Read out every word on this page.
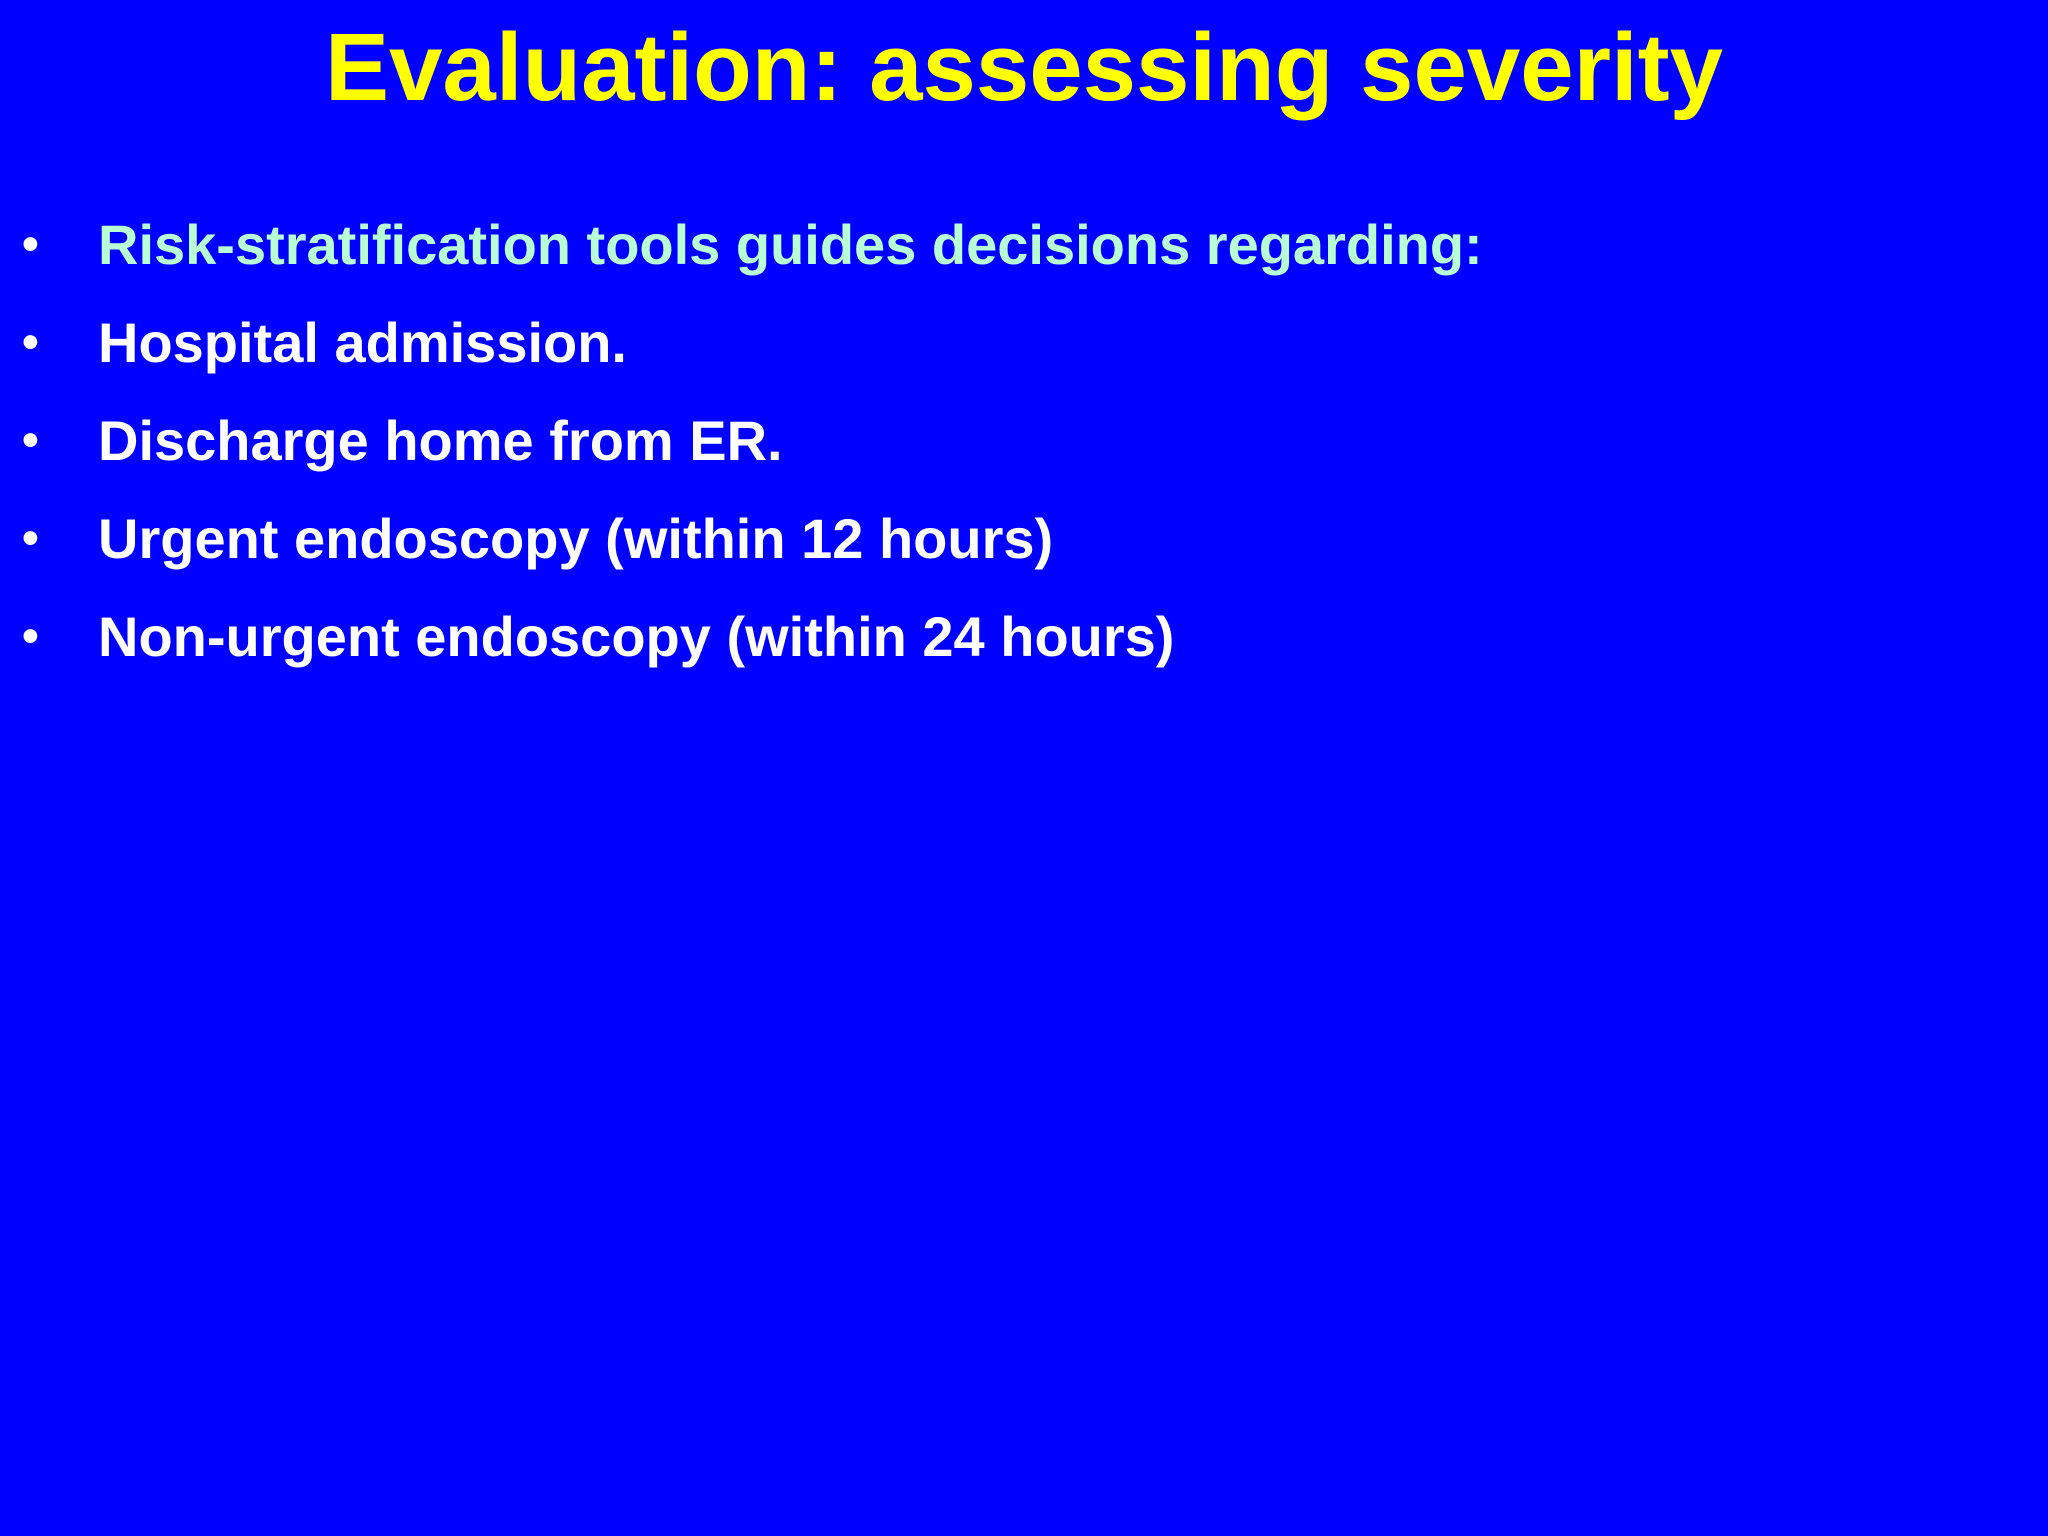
Evaluation: assessing severity
• Risk-stratification tools guides decisions regarding:
• Hospital admission.
• Discharge home from ER.
• Urgent endoscopy (within 12 hours)
• Non-urgent endoscopy (within 24 hours)
